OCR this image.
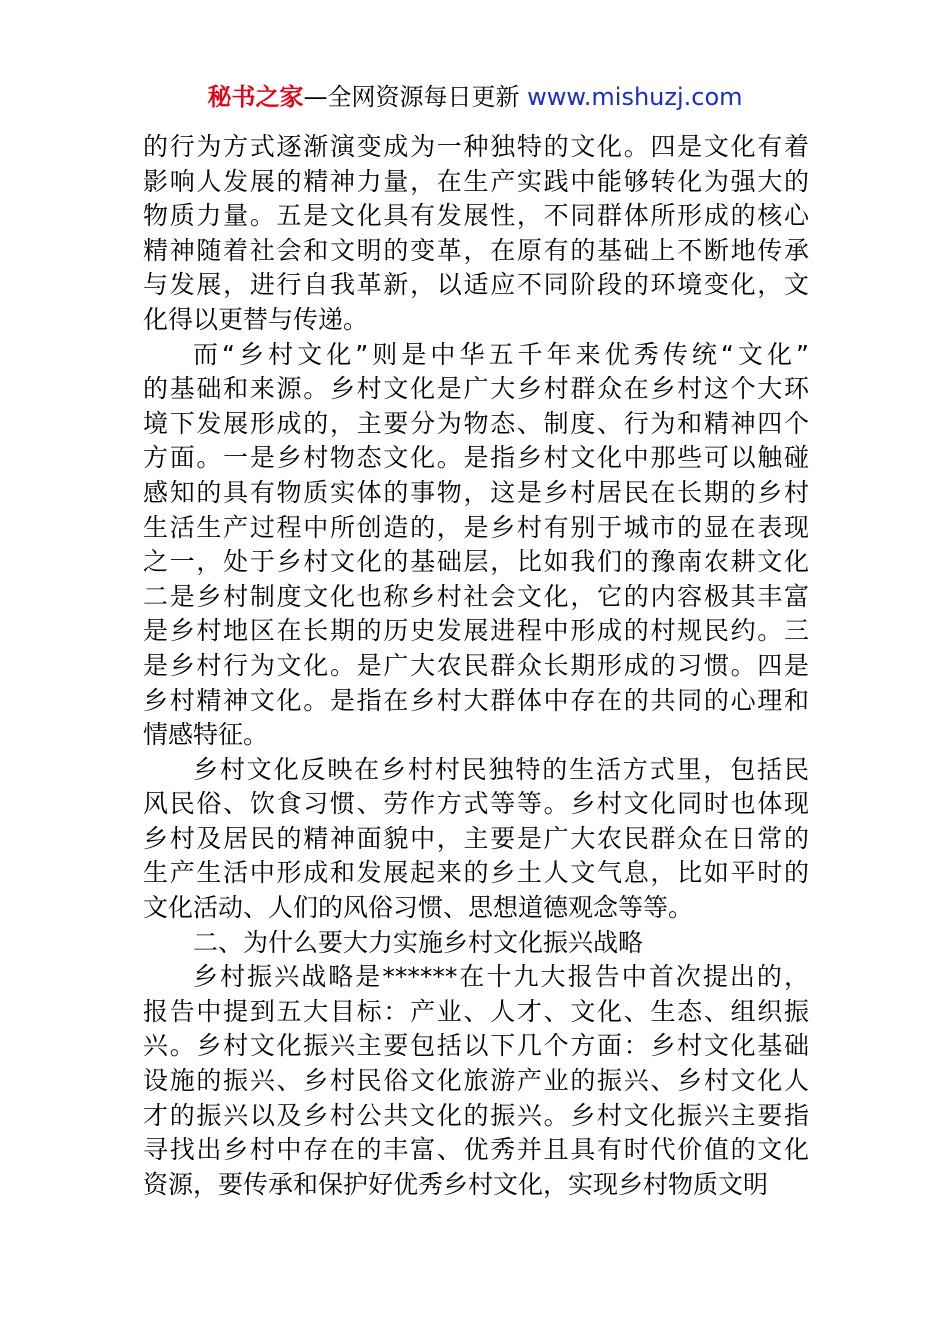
秘书之家—全网资源每日更新 www.mishuzj.com
的行为方式逐渐演变成为一种独特的文化。四是文化有着
影响人发展的精神力量，在生产实践中能够转化为强大的
物质力量。五是文化具有发展性，不同群体所形成的核心
精神随着社会和文明的变革，在原有的基础上不断地传承
与发展，进行自我革新，以适应不同阶段的环境变化，文
化得以更替与传递。
而“乡村文化”则是中华五千年来优秀传统“文化”
的基础和来源。乡村文化是广大乡村群众在乡村这个大环
境下发展形成的，主要分为物态、制度、行为和精神四个
方面。一是乡村物态文化。是指乡村文化中那些可以触碰
感知的具有物质实体的事物，这是乡村居民在长期的乡村
生活生产过程中所创造的，是乡村有别于城市的显在表现
之一，处于乡村文化的基础层，比如我们的豫南农耕文化
二是乡村制度文化也称乡村社会文化，它的内容极其丰富
是乡村地区在长期的历史发展进程中形成的村规民约。三
是乡村行为文化。是广大农民群众长期形成的习惯。四是
乡村精神文化。是指在乡村大群体中存在的共同的心理和
情感特征。
乡村文化反映在乡村村民独特的生活方式里，包括民
风民俗、饮食习惯、劳作方式等等。乡村文化同时也体现
乡村及居民的精神面貌中，主要是广大农民群众在日常的
生产生活中形成和发展起来的乡土人文气息，比如平时的
文化活动、人们的风俗习惯、思想道德观念等等。
二、为什么要大力实施乡村文化振兴战略
乡村振兴战略是******在十九大报告中首次提出的，
报告中提到五大目标：产业、人才、文化、生态、组织振
兴。乡村文化振兴主要包括以下几个方面：乡村文化基础
设施的振兴、乡村民俗文化旅游产业的振兴、乡村文化人
才的振兴以及乡村公共文化的振兴。乡村文化振兴主要指
寻找出乡村中存在的丰富、优秀并且具有时代价值的文化
资源，要传承和保护好优秀乡村文化，实现乡村物质文明
